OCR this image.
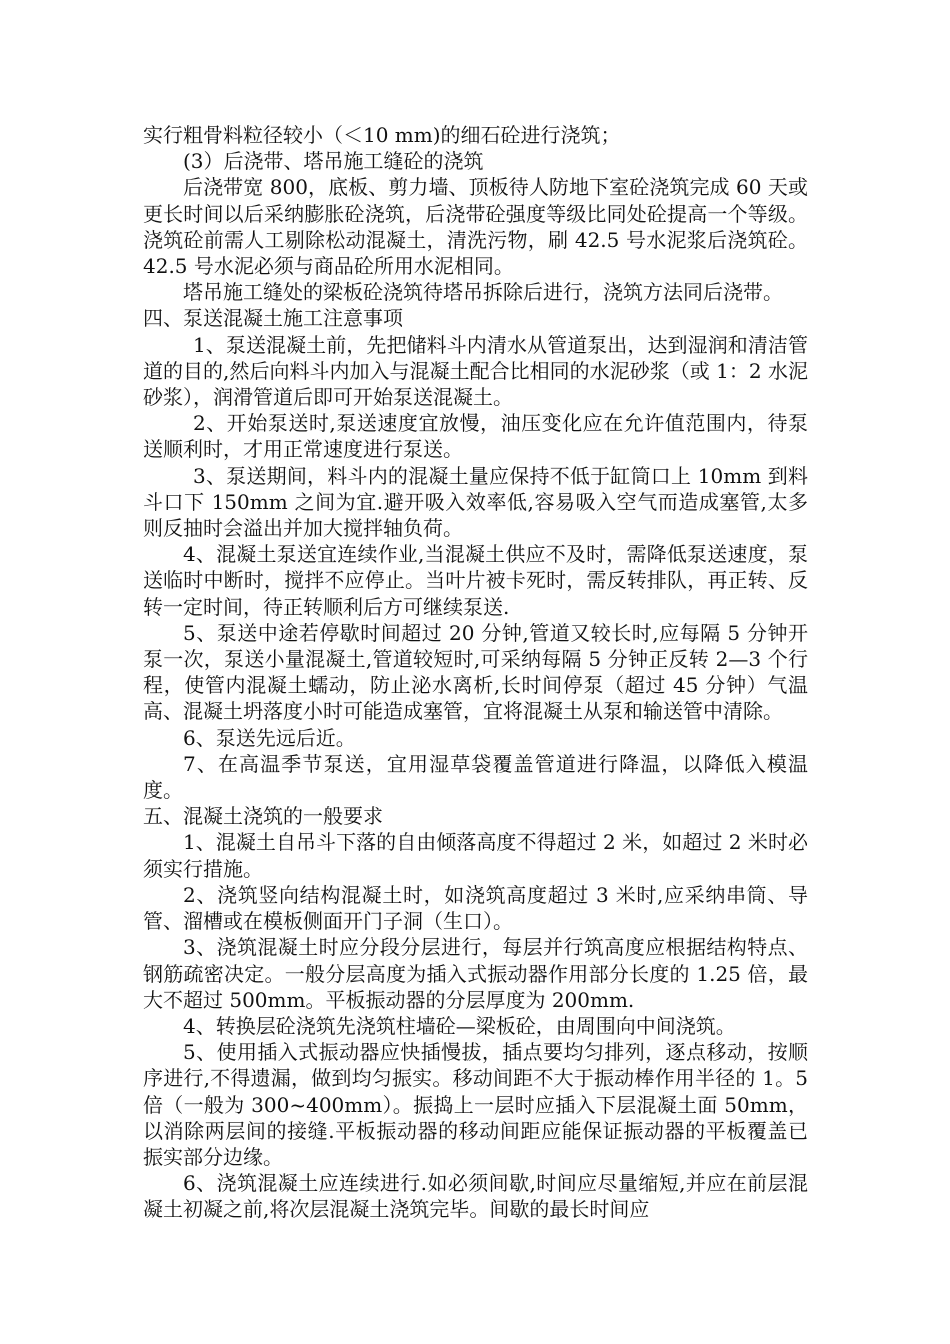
实行粗骨料粒径较小（＜10 mm)的细石砼进行浇筑；

(3）后浇带、塔吊施工缝砼的浇筑

后浇带宽 800，底板、剪力墙、顶板待人防地下室砼浇筑完成 60 天或更长时间以后采纳膨胀砼浇筑，后浇带砼强度等级比同处砼提高一个等级。浇筑砼前需人工剔除松动混凝土，清洗污物，刷 42.5 号水泥浆后浇筑砼。42.5 号水泥必须与商品砼所用水泥相同。

塔吊施工缝处的梁板砼浇筑待塔吊拆除后进行，浇筑方法同后浇带。

四、泵送混凝土施工注意事项

1、泵送混凝土前，先把储料斗内清水从管道泵出，达到湿润和清洁管道的目的,然后向料斗内加入与混凝土配合比相同的水泥砂浆（或 1：2 水泥砂浆），润滑管道后即可开始泵送混凝土。

2、开始泵送时,泵送速度宜放慢，油压变化应在允许值范围内，待泵送顺利时，才用正常速度进行泵送。

3、泵送期间，料斗内的混凝土量应保持不低于缸筒口上 10mm 到料斗口下 150mm 之间为宜.避开吸入效率低,容易吸入空气而造成塞管,太多则反抽时会溢出并加大搅拌轴负荷。

4、混凝土泵送宜连续作业,当混凝土供应不及时，需降低泵送速度，泵送临时中断时，搅拌不应停止。当叶片被卡死时，需反转排队，再正转、反转一定时间，待正转顺利后方可继续泵送.

5、泵送中途若停歇时间超过 20 分钟,管道又较长时,应每隔 5 分钟开泵一次，泵送小量混凝土,管道较短时,可采纳每隔 5 分钟正反转 2—3 个行程，使管内混凝土蠕动，防止泌水离析,长时间停泵（超过 45 分钟）气温高、混凝土坍落度小时可能造成塞管，宜将混凝土从泵和输送管中清除。

6、泵送先远后近。

7、在高温季节泵送，宜用湿草袋覆盖管道进行降温，以降低入模温度。

五、混凝土浇筑的一般要求

1、混凝土自吊斗下落的自由倾落高度不得超过 2 米，如超过 2 米时必须实行措施。

2、浇筑竖向结构混凝土时，如浇筑高度超过 3 米时,应采纳串筒、导管、溜槽或在模板侧面开门子洞（生口）。

3、浇筑混凝土时应分段分层进行，每层并行筑高度应根据结构特点、钢筋疏密决定。一般分层高度为插入式振动器作用部分长度的 1.25 倍，最大不超过 500mm。平板振动器的分层厚度为 200mm.

4、转换层砼浇筑先浇筑柱墙砼—梁板砼，由周围向中间浇筑。

5、使用插入式振动器应快插慢拔，插点要均匀排列，逐点移动，按顺序进行,不得遗漏，做到均匀振实。移动间距不大于振动棒作用半径的 1。5 倍（一般为 300~400mm）。振捣上一层时应插入下层混凝土面 50mm，以消除两层间的接缝.平板振动器的移动间距应能保证振动器的平板覆盖已振实部分边缘。

6、浇筑混凝土应连续进行.如必须间歇,时间应尽量缩短,并应在前层混凝土初凝之前,将次层混凝土浇筑完毕。间歇的最长时间应
